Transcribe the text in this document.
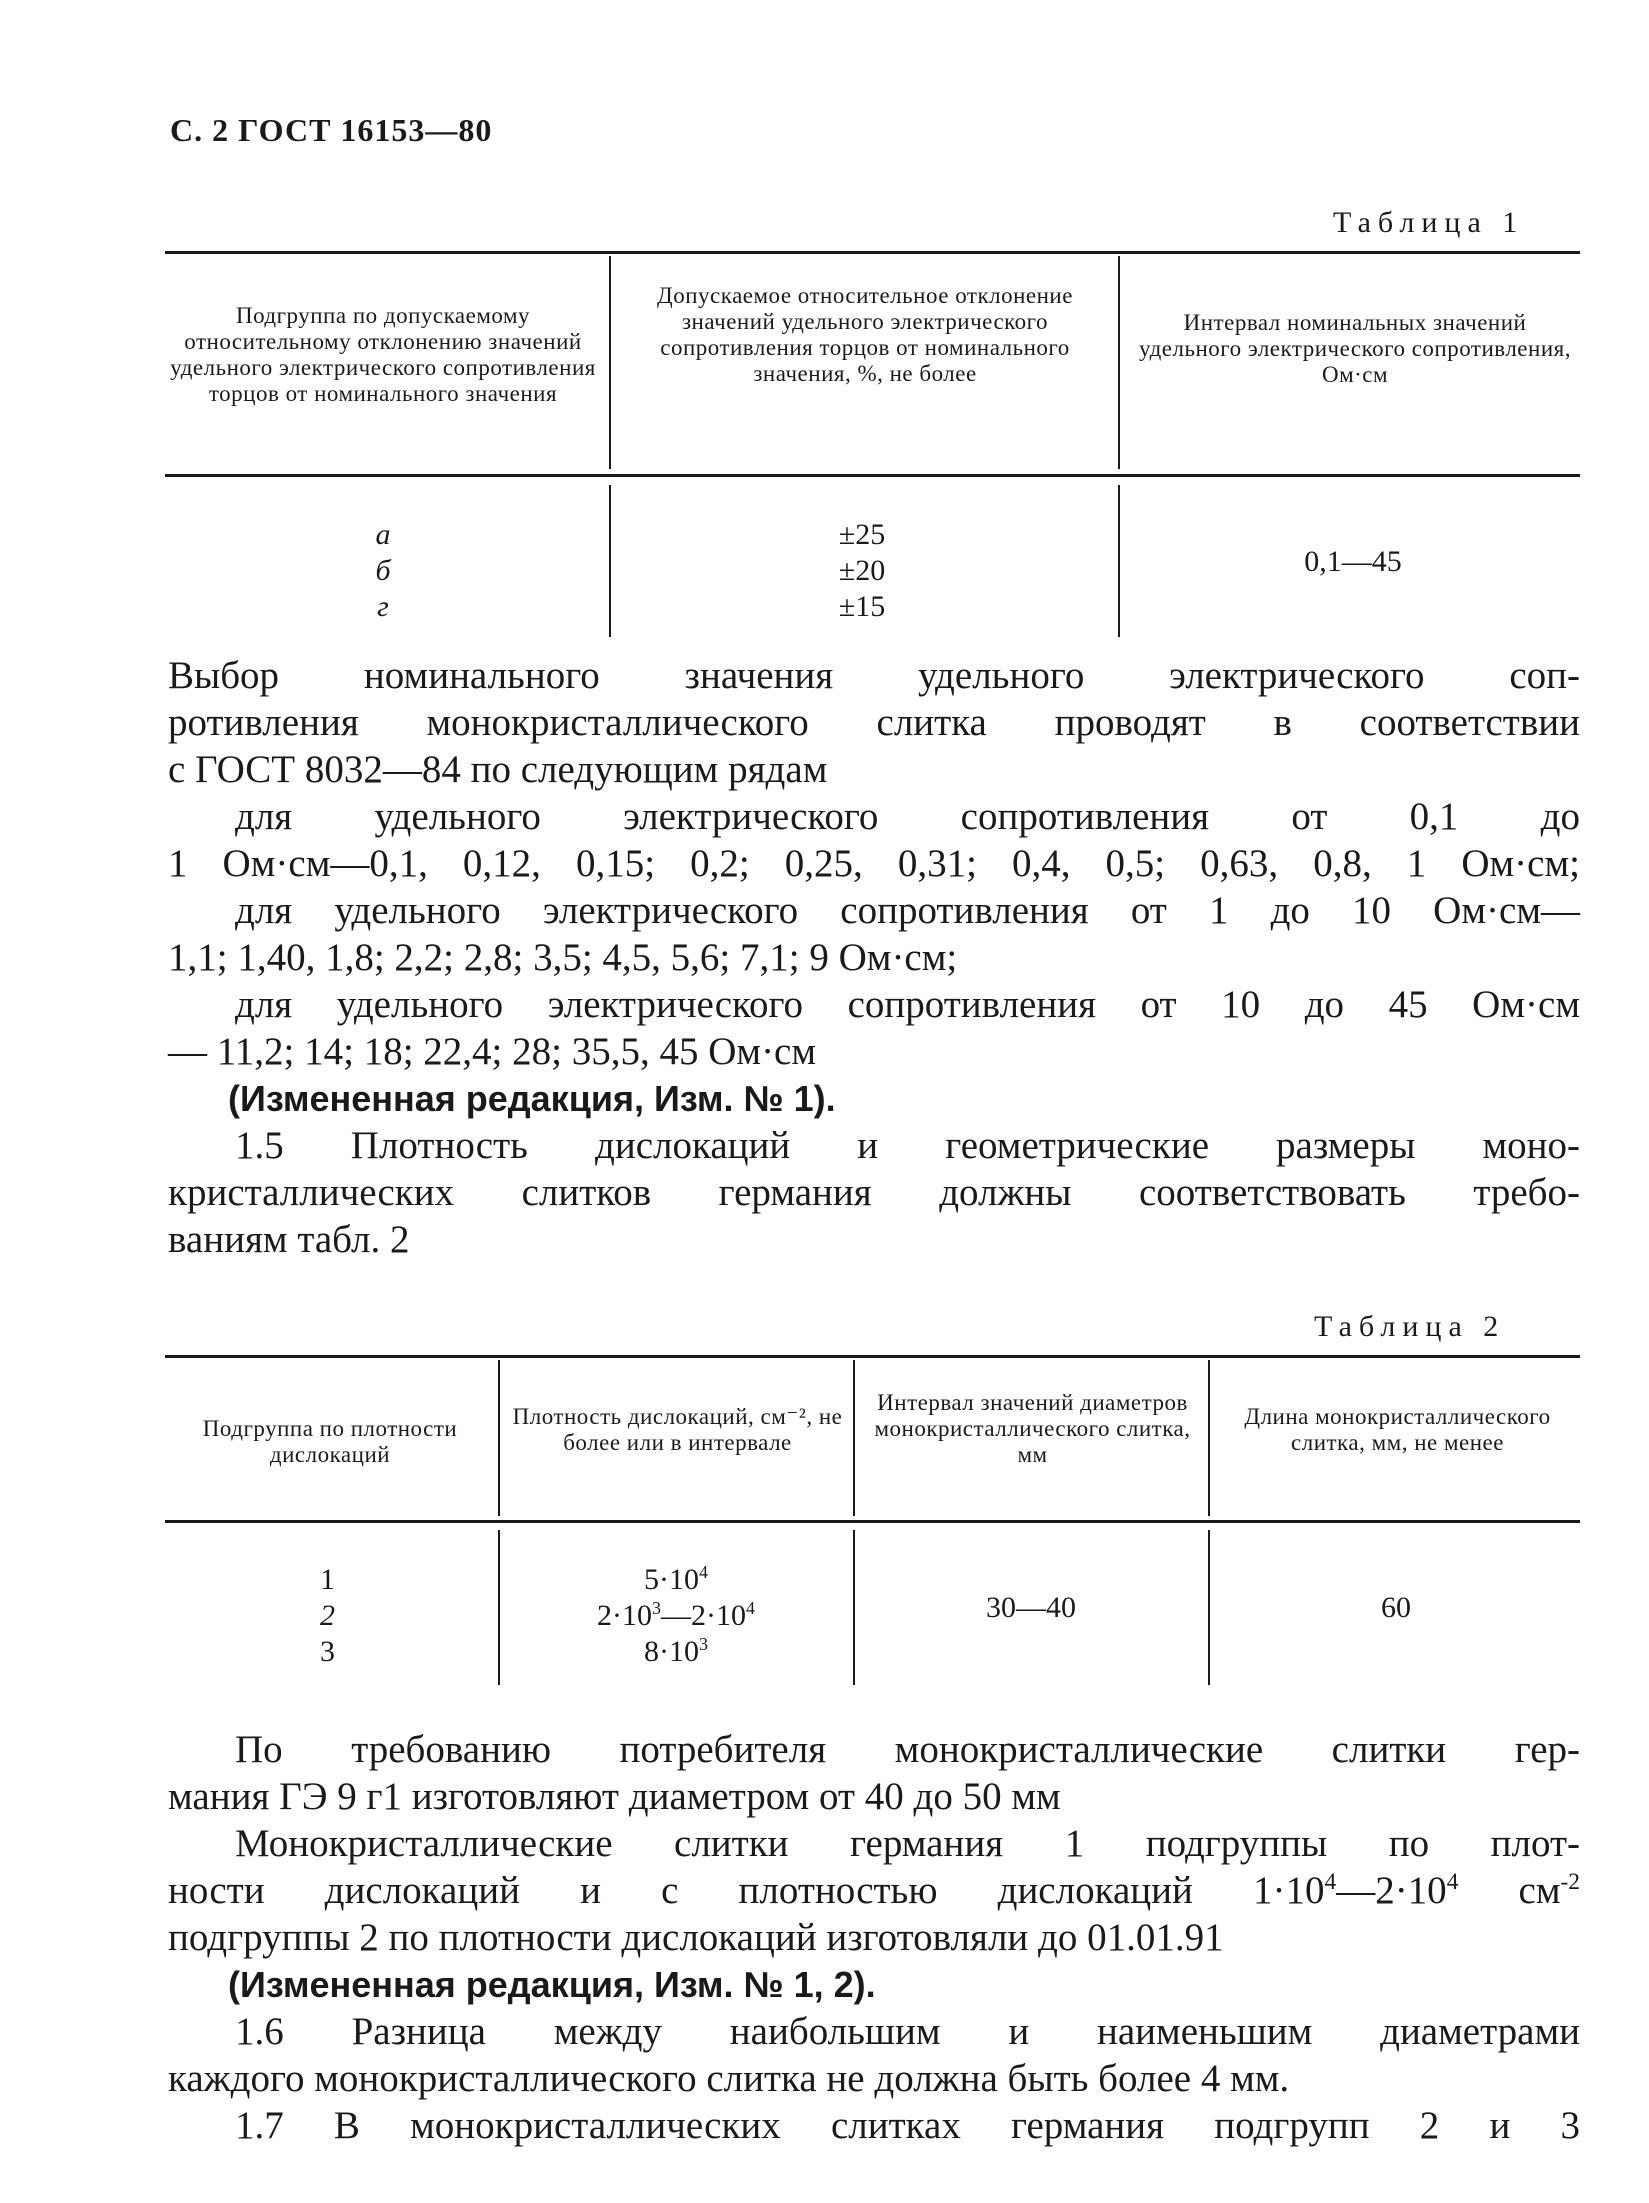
С. 2 ГОСТ 16153—80
Таблица 1
Подгруппа по допускаемому относительному отклонению значений удельного электрического сопротивления торцов от номинального значения
Допускаемое относительное отклонение значений удельного электрического сопротивления торцов от номинального значения, %, не более
Интервал номинальных значений удельного электрического сопротивления, Ом·см
а
б
г
±25
±20
±15
0,1—45
Выбор номинального значения удельного электрического соп-
ротивления монокристаллического слитка проводят в соответствии
с ГОСТ 8032—84 по следующим рядам
для удельного электрического сопротивления от 0,1 до
1 Ом·см—0,1, 0,12, 0,15; 0,2; 0,25, 0,31; 0,4, 0,5; 0,63, 0,8, 1 Ом·см;
для удельного электрического сопротивления от 1 до 10 Ом·см—
1,1; 1,40, 1,8; 2,2; 2,8; 3,5; 4,5, 5,6; 7,1; 9 Ом·см;
для удельного электрического сопротивления от 10 до 45 Ом·см
— 11,2; 14; 18; 22,4; 28; 35,5, 45 Ом·см
(Измененная редакция, Изм. № 1).
1.5 Плотность дислокаций и геометрические размеры моно-
кристаллических слитков германия должны соответствовать требо-
ваниям табл. 2
Таблица 2
Подгруппа по плотности дислокаций
Плотность дислокаций, см⁻², не более или в интервале
Интервал значений диаметров монокристаллического слитка, мм
Длина монокристаллического слитка, мм, не менее
1
2
3
$5\cdot 10^4$
$2\cdot 10^3—2\cdot 10^4$
$8\cdot 10^3$
30—40	60
По требованию потребителя монокристаллические слитки гер-
мания ГЭ 9 г1 изготовляют диаметром от 40 до 50 мм
Монокристаллические слитки германия 1 подгруппы по плот-
ности дислокаций и с плотностью дислокаций $1\cdot 10^4—2\cdot 10^4$ $см^{-2}$
подгруппы 2 по плотности дислокаций изготовляли до 01.01.91
(Измененная редакция, Изм. № 1, 2).
1.6 Разница между наибольшим и наименьшим диаметрами
каждого монокристаллического слитка не должна быть более 4 мм.
1.7 В монокристаллических слитках германия подгрупп 2 и 3
